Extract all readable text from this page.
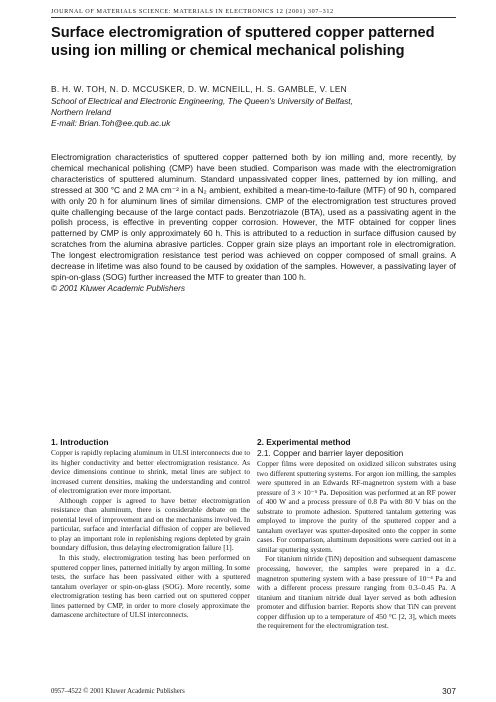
JOURNAL OF MATERIALS SCIENCE: MATERIALS IN ELECTRONICS 12 (2001) 307–312
Surface electromigration of sputtered copper patterned using ion milling or chemical mechanical polishing
B. H. W. TOH, N. D. MCCUSKER, D. W. MCNEILL, H. S. GAMBLE, V. LEN
School of Electrical and Electronic Engineering, The Queen’s University of Belfast,
Northern Ireland
E-mail: Brian.Toh@ee.qub.ac.uk

Electromigration characteristics of sputtered copper patterned both by ion milling and, more recently, by chemical mechanical polishing (CMP) have been studied. Comparison was made with the electromigration characteristics of sputtered aluminum. Standard unpassivated copper lines, patterned by ion milling, and stressed at 300 °C and 2 MA cm⁻² in a N₂ ambient, exhibited a mean-time-to-failure (MTF) of 90 h, compared with only 20 h for aluminum lines of similar dimensions. CMP of the electromigration test structures proved quite challenging because of the large contact pads. Benzotriazole (BTA), used as a passivating agent in the polish process, is effective in preventing copper corrosion. However, the MTF obtained for copper lines patterned by CMP is only approximately 60 h. This is attributed to a reduction in surface diffusion caused by scratches from the alumina abrasive particles. Copper grain size plays an important role in electromigration. The longest electromigration resistance test period was achieved on copper composed of small grains. A decrease in lifetime was also found to be caused by oxidation of the samples. However, a passivating layer of spin-on-glass (SOG) further increased the MTF to greater than 100 h.

© 2001 Kluwer Academic Publishers

1. Introduction

Copper is rapidly replacing aluminum in ULSI interconnects due to its higher conductivity and better electromigration resistance. As device dimensions continue to shrink, metal lines are subject to increased current densities, making the understanding and control of electromigration ever more important.

Although copper is agreed to have better electromigration resistance than aluminum, there is considerable debate on the potential level of improvement and on the mechanisms involved. In particular, surface and interfacial diffusion of copper are believed to play an important role in replenishing regions depleted by grain boundary diffusion, thus delaying electromigration failure [1].

In this study, electromigration testing has been performed on sputtered copper lines, patterned initially by argon milling. In some tests, the surface has been passivated either with a sputtered tantalum overlayer or spin-on-glass (SOG). More recently, some electromigration testing has been carried out on sputtered copper lines patterned by CMP, in order to more closely approximate the damascene architecture of ULSI interconnects.

2. Experimental method
2.1. Copper and barrier layer deposition

Copper films were deposited on oxidized silicon substrates using two different sputtering systems. For argon ion milling, the samples were sputtered in an Edwards RF-magnetron system with a base pressure of 3 × 10⁻⁵ Pa. Deposition was performed at an RF power of 400 W and a process pressure of 0.8 Pa with 80 V bias on the substrate to promote adhesion. Sputtered tantalum gettering was employed to improve the purity of the sputtered copper and a tantalum overlayer was sputter-deposited onto the copper in some cases. For comparison, aluminum depositions were carried out in a similar sputtering system.

For titanium nitride (TiN) deposition and subsequent damascene processing, however, the samples were prepared in a d.c. magnetron sputtering system with a base pressure of 10⁻⁴ Pa and with a different process pressure ranging from 0.3–0.45 Pa. A titanium and titanium nitride dual layer served as both adhesion promoter and diffusion barrier. Reports show that TiN can prevent copper diffusion up to a temperature of 450 °C [2, 3], which meets the requirement for the electromigration test.

0957–4522 © 2001 Kluwer Academic Publishers	307
